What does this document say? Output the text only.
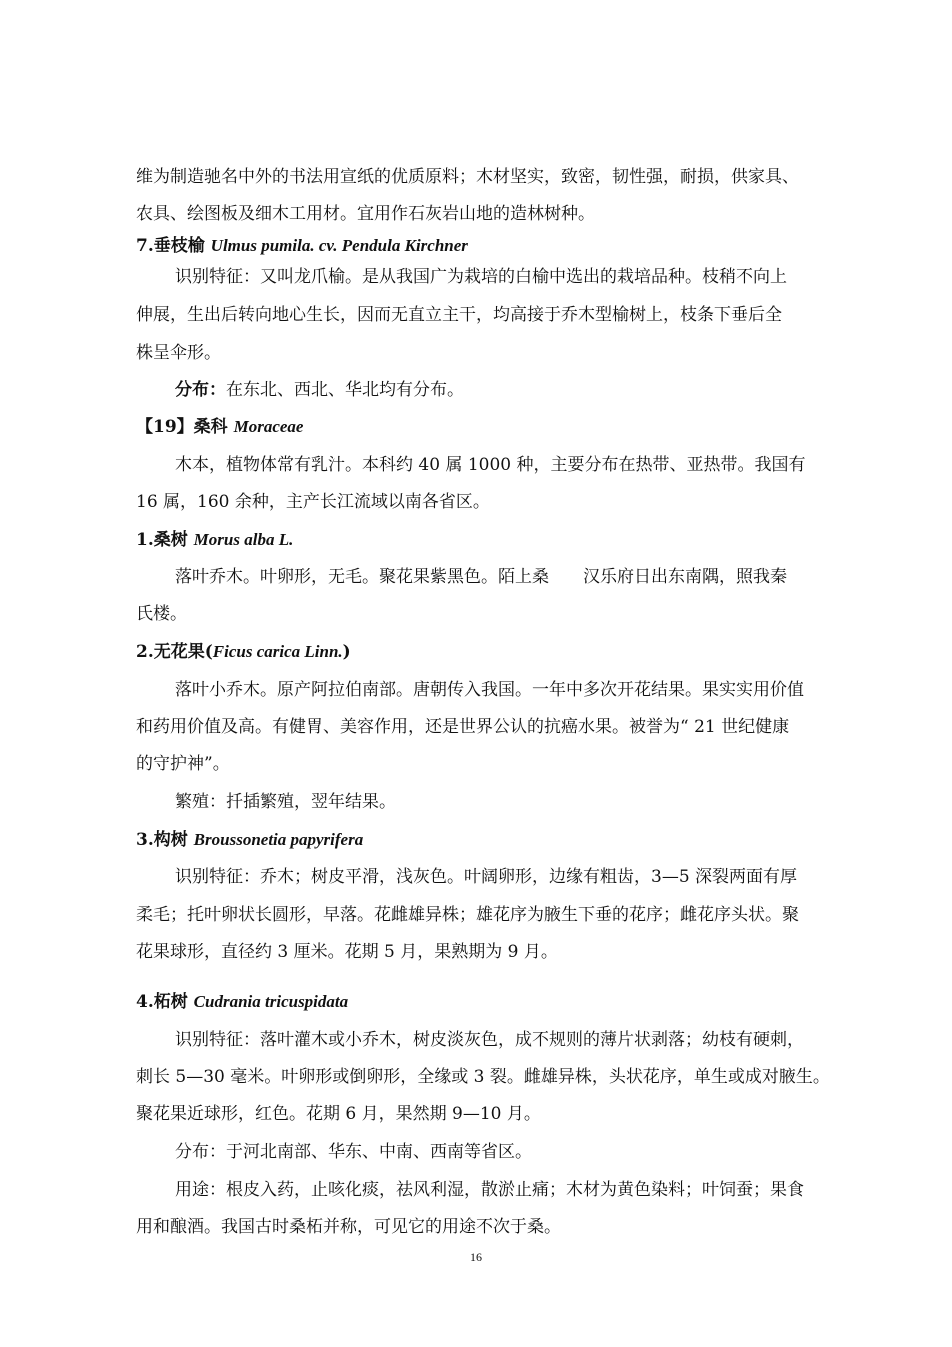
维为制造驰名中外的书法用宣纸的优质原料；木材坚实，致密，韧性强，耐损，供家具、
农具、绘图板及细木工用材。宜用作石灰岩山地的造林树种。
7.垂枝榆 Ulmus pumila. cv. Pendula Kirchner
识别特征：又叫龙爪榆。是从我国广为栽培的白榆中选出的栽培品种。枝稍不向上
伸展，生出后转向地心生长，因而无直立主干，均高接于乔木型榆树上，枝条下垂后全
株呈伞形。
分布：在东北、西北、华北均有分布。
【19】桑科 Moraceae
木本，植物体常有乳汁。本科约 40 属 1000 种，主要分布在热带、亚热带。我国有
16 属，160 余种，主产长江流域以南各省区。
1.桑树 Morus alba L.
落叶乔木。叶卵形，无毛。聚花果紫黑色。陌上桑　　汉乐府日出东南隅，照我秦
氏楼。
2.无花果(Ficus carica Linn.)
落叶小乔木。原产阿拉伯南部。唐朝传入我国。一年中多次开花结果。果实实用价值
和药用价值及高。有健胃、美容作用，还是世界公认的抗癌水果。被誉为“ 21 世纪健康
的守护神”。
繁殖：扦插繁殖，翌年结果。
3.构树 Broussonetia papyrifera
识别特征：乔木；树皮平滑，浅灰色。叶阔卵形，边缘有粗齿，3—5 深裂两面有厚
柔毛；托叶卵状长圆形，早落。花雌雄异株；雄花序为腋生下垂的花序；雌花序头状。聚
花果球形，直径约 3 厘米。花期 5 月，果熟期为 9 月。
4.柘树 Cudrania tricuspidata
识别特征：落叶灌木或小乔木，树皮淡灰色，成不规则的薄片状剥落；幼枝有硬刺，
刺长 5—30 毫米。叶卵形或倒卵形，全缘或 3 裂。雌雄异株，头状花序，单生或成对腋生。
聚花果近球形，红色。花期 6 月，果然期 9—10 月。
分布：于河北南部、华东、中南、西南等省区。
用途：根皮入药，止咳化痰，祛风利湿，散淤止痛；木材为黄色染料；叶饲蚕；果食
用和酿酒。我国古时桑柘并称，可见它的用途不次于桑。
16
